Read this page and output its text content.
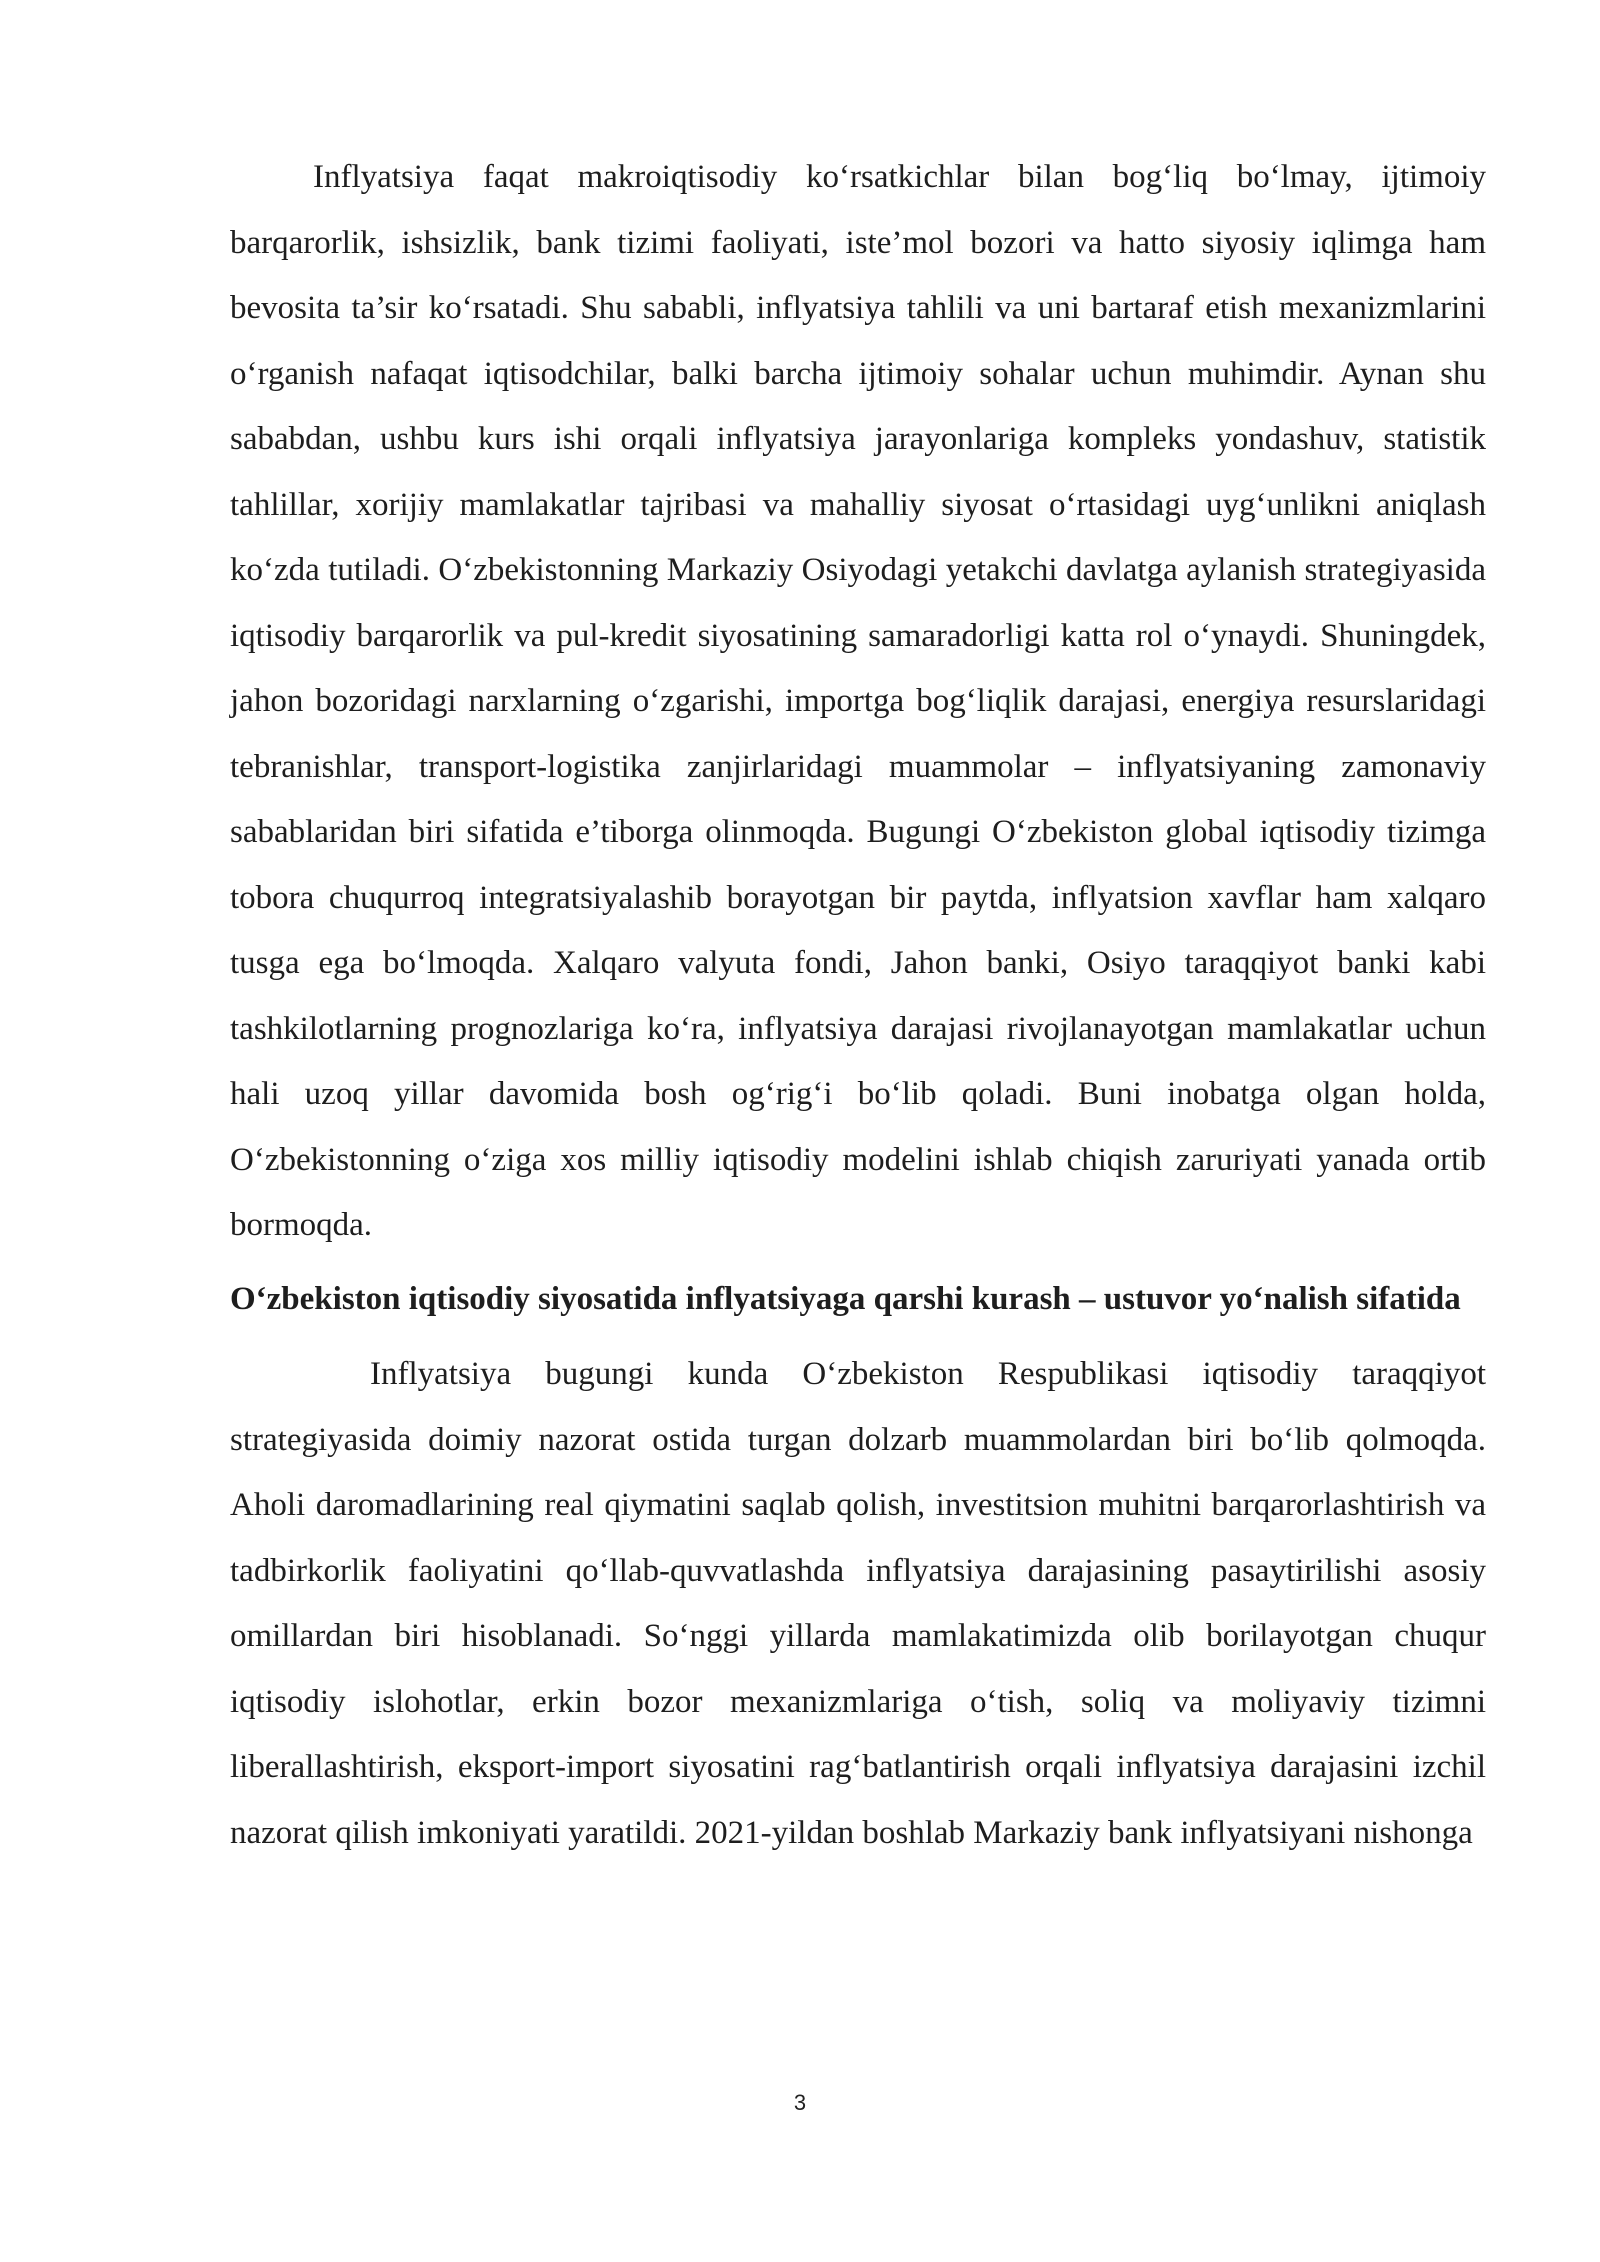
Inflyatsiya faqat makroiqtisodiy ko‘rsatkichlar bilan bog‘liq bo‘lmay, ijtimoiy barqarorlik, ishsizlik, bank tizimi faoliyati, iste’mol bozori va hatto siyosiy iqlimga ham bevosita ta’sir ko‘rsatadi. Shu sababli, inflyatsiya tahlili va uni bartaraf etish mexanizmlarini o‘rganish nafaqat iqtisodchilar, balki barcha ijtimoiy sohalar uchun muhimdir. Aynan shu sababdan, ushbu kurs ishi orqali inflyatsiya jarayonlariga kompleks yondashuv, statistik tahlillar, xorijiy mamlakatlar tajribasi va mahalliy siyosat o‘rtasidagi uyg‘unlikni aniqlash ko‘zda tutiladi. O‘zbekistonning Markaziy Osiyodagi yetakchi davlatga aylanish strategiyasida iqtisodiy barqarorlik va pul-kredit siyosatining samaradorligi katta rol o‘ynaydi. Shuningdek, jahon bozoridagi narxlarning o‘zgarishi, importga bog‘liqlik darajasi, energiya resurslaridagi tebranishlar, transport-logistika zanjirlaridagi muammolar – inflyatsiyaning zamonaviy sabablaridan biri sifatida e’tiborga olinmoqda. Bugungi O‘zbekiston global iqtisodiy tizimga tobora chuqurroq integratsiyalashib borayotgan bir paytda, inflyatsion xavflar ham xalqaro tusga ega bo‘lmoqda. Xalqaro valyuta fondi, Jahon banki, Osiyo taraqqiyot banki kabi tashkilotlarning prognozlariga ko‘ra, inflyatsiya darajasi rivojlanayotgan mamlakatlar uchun hali uzoq yillar davomida bosh og‘rig‘i bo‘lib qoladi. Buni inobatga olgan holda, O‘zbekistonning o‘ziga xos milliy iqtisodiy modelini ishlab chiqish zaruriyati yanada ortib bormoqda.

O‘zbekiston iqtisodiy siyosatida inflyatsiyaga qarshi kurash – ustuvor yo‘nalish sifatida

Inflyatsiya bugungi kunda O‘zbekiston Respublikasi iqtisodiy taraqqiyot strategiyasida doimiy nazorat ostida turgan dolzarb muammolardan biri bo‘lib qolmoqda. Aholi daromadlarining real qiymatini saqlab qolish, investitsion muhitni barqarorlashtirish va tadbirkorlik faoliyatini qo‘llab-quvvatlashda inflyatsiya darajasining pasaytirilishi asosiy omillardan biri hisoblanadi. So‘nggi yillarda mamlakatimizda olib borilayotgan chuqur iqtisodiy islohotlar, erkin bozor mexanizmlariga o‘tish, soliq va moliyaviy tizimni liberallashtirish, eksport-import siyosatini rag‘batlantirish orqali inflyatsiya darajasini izchil nazorat qilish imkoniyati yaratildi. 2021-yildan boshlab Markaziy bank inflyatsiyani nishonga

3
